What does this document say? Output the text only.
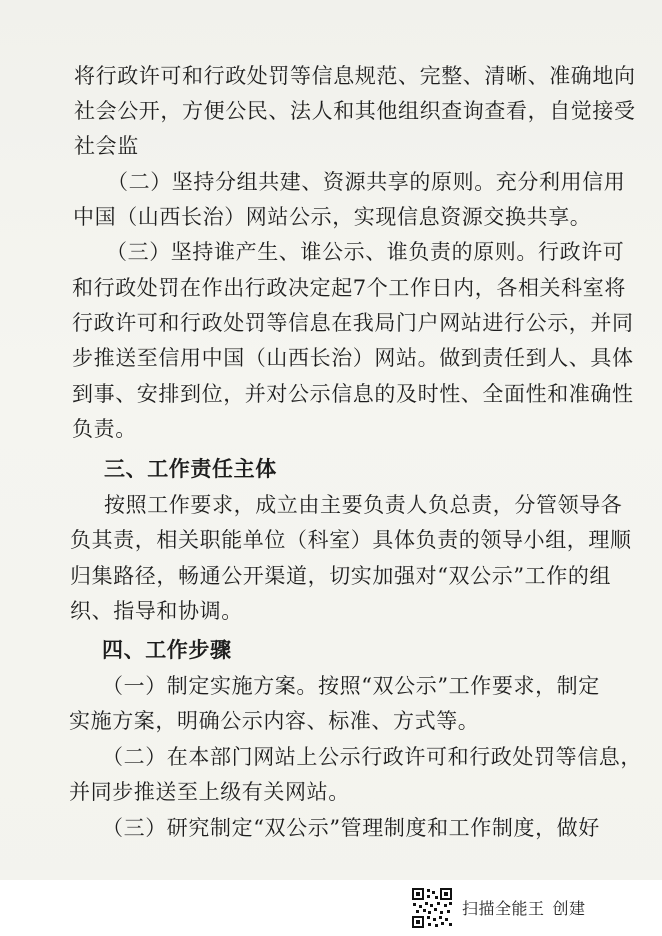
将行政许可和行政处罚等信息规范、完整、清晰、准确地向
社会公开，方便公民、法人和其他组织查询查看，自觉接受
社会监
（二）坚持分组共建、资源共享的原则。充分利用信用
中国（山西长治）网站公示，实现信息资源交换共享。
（三）坚持谁产生、谁公示、谁负责的原则。行政许可
和行政处罚在作出行政决定起7个工作日内，各相关科室将
行政许可和行政处罚等信息在我局门户网站进行公示，并同
步推送至信用中国（山西长治）网站。做到责任到人、具体
到事、安排到位，并对公示信息的及时性、全面性和准确性
负责。
三、工作责任主体
按照工作要求，成立由主要负责人负总责，分管领导各
负其责，相关职能单位（科室）具体负责的领导小组，理顺
归集路径，畅通公开渠道，切实加强对“双公示”工作的组
织、指导和协调。
四、工作步骤
（一）制定实施方案。按照“双公示”工作要求，制定
实施方案，明确公示内容、标准、方式等。
（二）在本部门网站上公示行政许可和行政处罚等信息，
并同步推送至上级有关网站。
（三）研究制定“双公示”管理制度和工作制度，做好
扫描全能王 创建
